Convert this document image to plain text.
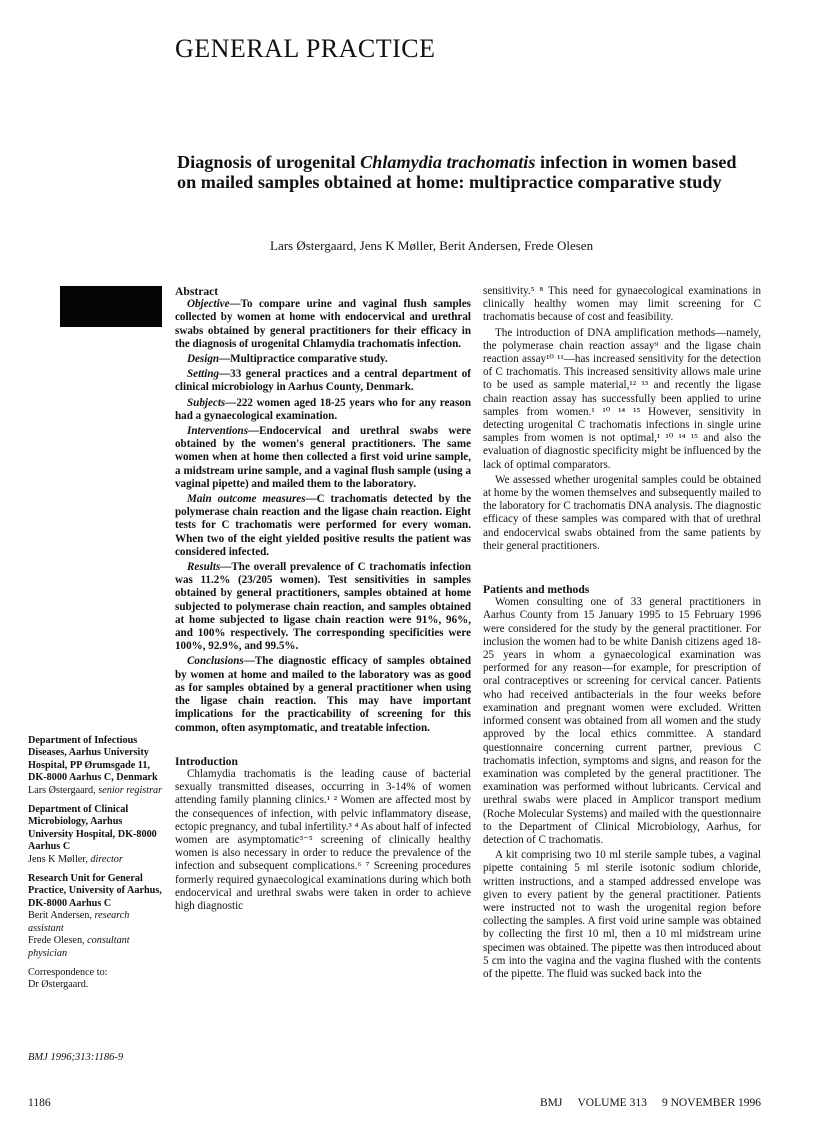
GENERAL PRACTICE
Diagnosis of urogenital Chlamydia trachomatis infection in women based on mailed samples obtained at home: multipractice comparative study
Lars Østergaard, Jens K Møller, Berit Andersen, Frede Olesen
Abstract

Objective—To compare urine and vaginal flush samples collected by women at home with endocervical and urethral swabs obtained by general practitioners for their efficacy in the diagnosis of urogenital Chlamydia trachomatis infection.

Design—Multipractice comparative study.

Setting—33 general practices and a central department of clinical microbiology in Aarhus County, Denmark.

Subjects—222 women aged 18-25 years who for any reason had a gynaecological examination.

Interventions—Endocervical and urethral swabs were obtained by the women's general practitioners. The same women when at home then collected a first void urine sample, a midstream urine sample, and a vaginal flush sample (using a vaginal pipette) and mailed them to the laboratory.

Main outcome measures—C trachomatis detected by the polymerase chain reaction and the ligase chain reaction. Eight tests for C trachomatis were performed for every woman. When two of the eight yielded positive results the patient was considered infected.

Results—The overall prevalence of C trachomatis infection was 11.2% (23/205 women). Test sensitivities in samples obtained by general practitioners, samples obtained at home subjected to polymerase chain reaction, and samples obtained at home subjected to ligase chain reaction were 91%, 96%, and 100% respectively. The corresponding specificities were 100%, 92.9%, and 99.5%.

Conclusions—The diagnostic efficacy of samples obtained by women at home and mailed to the laboratory was as good as for samples obtained by a general practitioner when using the ligase chain reaction. This may have important implications for the practicability of screening for this common, often asymptomatic, and treatable infection.

Introduction

Chlamydia trachomatis is the leading cause of bacterial sexually transmitted diseases, occurring in 3-14% of women attending family planning clinics.¹ ² Women are affected most by the consequences of infection, with pelvic inflammatory disease, ectopic pregnancy, and tubal infertility.³ ⁴ As about half of infected women are asymptomatic³⁻⁵ screening of clinically healthy women is also necessary in order to reduce the prevalence of the infection and subsequent complications.⁶ ⁷ Screening procedures formerly required gynaecological examinations during which both endocervical and urethral swabs were taken in order to achieve high diagnostic

sensitivity.⁵ ⁸ This need for gynaecological examinations in clinically healthy women may limit screening for C trachomatis because of cost and feasibility.

The introduction of DNA amplification methods—namely, the polymerase chain reaction assay⁹ and the ligase chain reaction assay¹⁰ ¹¹—has increased sensitivity for the detection of C trachomatis. This increased sensitivity allows male urine to be used as sample material,¹² ¹³ and recently the ligase chain reaction assay has successfully been applied to urine samples from women.¹ ¹⁰ ¹⁴ ¹⁵ However, sensitivity in detecting urogenital C trachomatis infections in single urine samples from women is not optimal,¹ ¹⁰ ¹⁴ ¹⁵ and also the evaluation of diagnostic specificity might be influenced by the lack of optimal comparators.

We assessed whether urogenital samples could be obtained at home by the women themselves and subsequently mailed to the laboratory for C trachomatis DNA analysis. The diagnostic efficacy of these samples was compared with that of urethral and endocervical swabs obtained from the same patients by their general practitioners.

Patients and methods

Women consulting one of 33 general practitioners in Aarhus County from 15 January 1995 to 15 February 1996 were considered for the study by the general practitioner. For inclusion the women had to be white Danish citizens aged 18-25 years in whom a gynaecological examination was performed for any reason—for example, for prescription of oral contraceptives or screening for cervical cancer. Patients who had received antibacterials in the four weeks before examination and pregnant women were excluded. Written informed consent was obtained from all women and the study approved by the local ethics committee. A standard questionnaire concerning current partner, previous C trachomatis infection, symptoms and signs, and reason for the examination was completed by the general practitioner. The examination was performed without lubricants. Cervical and urethral swabs were placed in Amplicor transport medium (Roche Molecular Systems) and mailed with the questionnaire to the Department of Clinical Microbiology, Aarhus, for detection of C trachomatis.

A kit comprising two 10 ml sterile sample tubes, a vaginal pipette containing 5 ml sterile isotonic sodium chloride, written instructions, and a stamped addressed envelope was given to every patient by the general practitioner. Patients were instructed not to wash the urogenital region before collecting the samples. A first void urine sample was obtained by collecting the first 10 ml, then a 10 ml midstream urine specimen was obtained. The pipette was then introduced about 5 cm into the vagina and the vagina flushed with the contents of the pipette. The fluid was sucked back into the

Department of Infectious Diseases, Aarhus University Hospital, PP Ørumsgade 11, DK-8000 Aarhus C, Denmark
Lars Østergaard, senior registrar
Department of Clinical Microbiology, Aarhus University Hospital, DK-8000 Aarhus C
Jens K Møller, director
Research Unit for General Practice, University of Aarhus, DK-8000 Aarhus C
Berit Andersen, research assistant
Frede Olesen, consultant physician
Correspondence to:
Dr Østergaard.
BMJ 1996;313:1186-9
1186	BMJ VOLUME 313 9 NOVEMBER 1996
